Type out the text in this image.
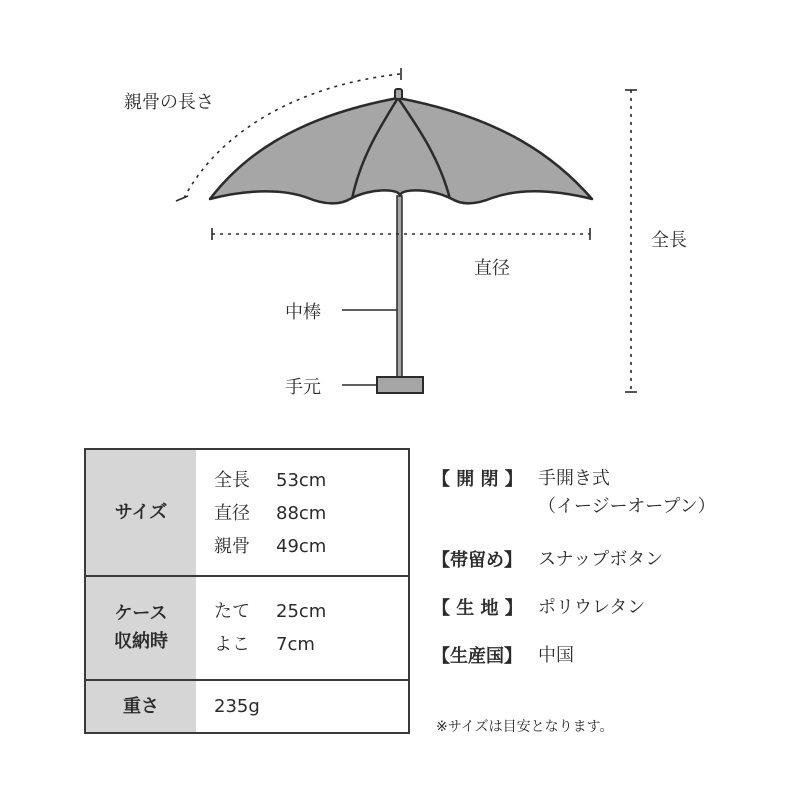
親骨の長さ
直径
全長
中棒
手元
サイズ
全長	53cm
直径	88cm
親骨	49cm
ケース
収納時
たて	25cm
よこ	7cm
重さ	235g
【 開 閉 】 手開き式
（イージーオープン）
【帯留め】 スナップボタン
【 生 地 】 ポリウレタン
【生産国】 中国
※サイズは目安となります。
